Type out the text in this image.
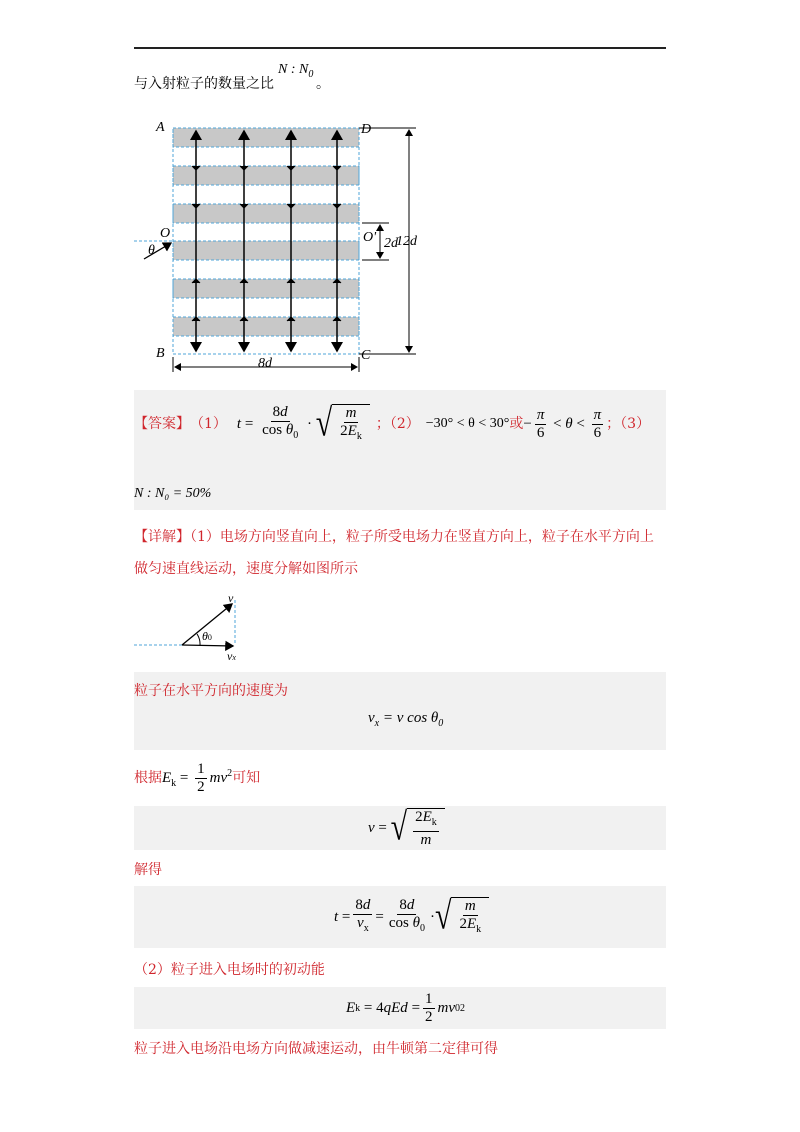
与入射粒子的数量之比
N : $N_0$
。
A	D
B	C
O
θ
O' 2d
12d
8d
【答案】 （1） $t = \frac{8d}{\cos \theta_0}$ · √ $\frac{m}{2E_k}$ ；（2） −30° < θ < 30° 或 − $\frac{\pi}{6} < \theta < \frac{\pi}{6}$ ；（3）
N : N₀ = 50%
【详解】（1）电场方向竖直向上，粒子所受电场力在竖直方向上，粒子在水平方向上
做匀速直线运动，速度分解如图所示
v
θ0
vx
粒子在水平方向的速度为
$v_x = v$ $\cos \theta_0$
根据 $E_k = \frac{1}{2} mv^2$ 可知
v = √ $\frac{2E_k}{m}$
解得
$t = \frac{8d}{v_x} = \frac{8d}{\cos \theta_0}$ · √ $\frac{m}{2E_k}$
（2）粒子进入电场时的初动能
E k = 4 qEd = $\frac{1}{2}$ mv 0 2
粒子进入电场沿电场方向做减速运动，由牛顿第二定律可得
